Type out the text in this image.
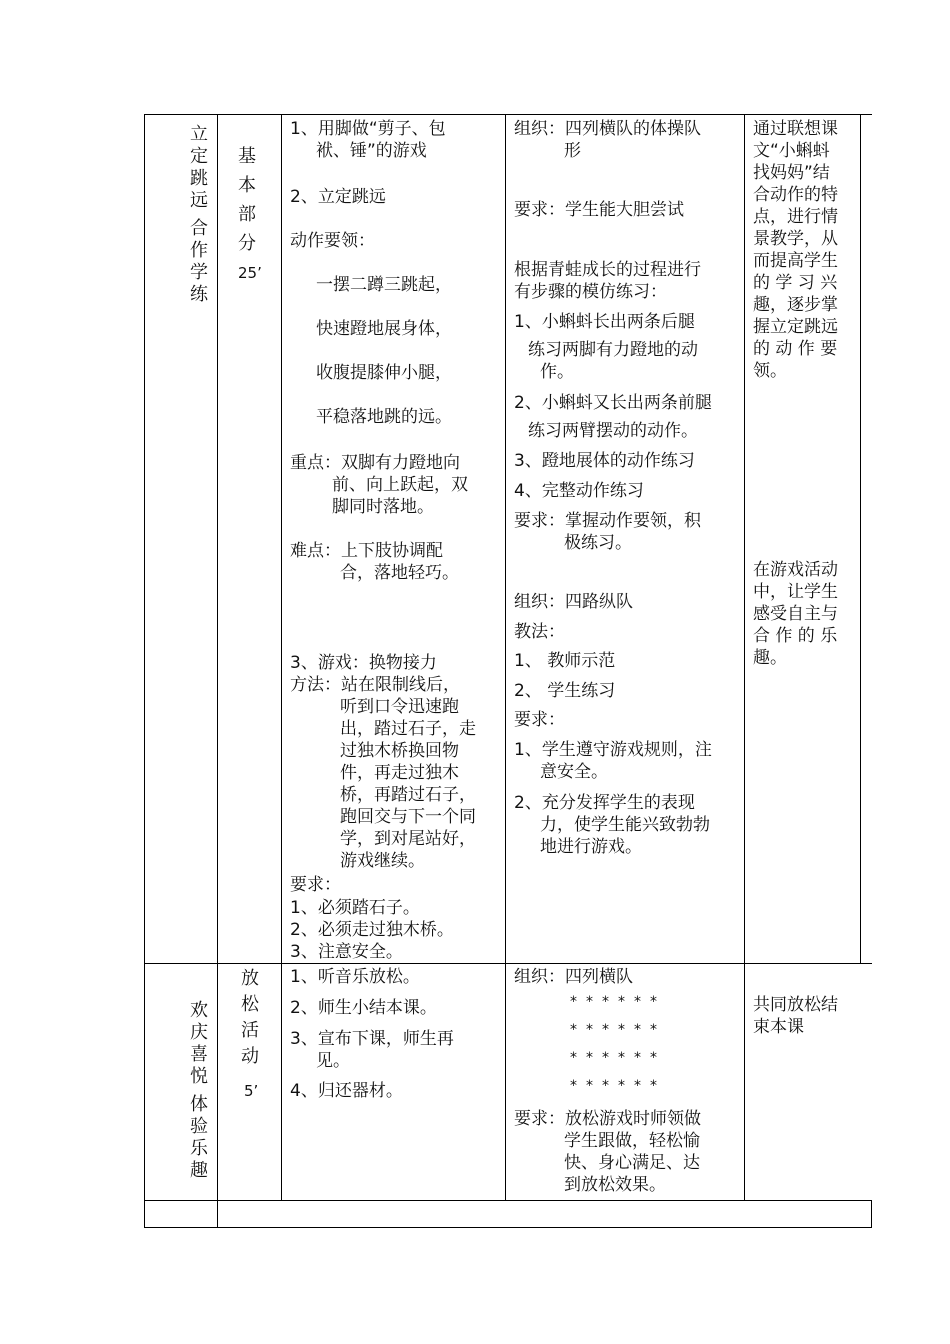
立
定
跳
远
合
作
学
练
基
本
部
分
25’
1、用脚做“剪子、包
袱、锤”的游戏
2、立定跳远
动作要领：
一摆二蹲三跳起，
快速蹬地展身体，
收腹提膝伸小腿，
平稳落地跳的远。
重点：双脚有力蹬地向
前、向上跃起，双
脚同时落地。
难点：上下肢协调配
合，落地轻巧。
3、游戏：换物接力
方法：站在限制线后，
听到口令迅速跑
出，踏过石子，走
过独木桥换回物
件，再走过独木
桥，再踏过石子，
跑回交与下一个同
学，到对尾站好，
游戏继续。
要求：
1、必须踏石子。
2、必须走过独木桥。
3、注意安全。
组织：四列横队的体操队
形
要求：学生能大胆尝试
根据青蛙成长的过程进行
有步骤的模仿练习：
1、小蝌蚪长出两条后腿
练习两脚有力蹬地的动
作。
2、小蝌蚪又长出两条前腿
练习两臂摆动的动作。
3、蹬地展体的动作练习
4、完整动作练习
要求：掌握动作要领，积
极练习。
组织：四路纵队
教法：
1、 教师示范
2、 学生练习
要求：
1、学生遵守游戏规则，注
意安全。
2、充分发挥学生的表现
力，使学生能兴致勃勃
地进行游戏。
通过联想课
文“小蝌蚪
找妈妈”结
合动作的特
点，进行情
景教学，从
而提高学生
的 学 习 兴
趣，逐步掌
握立定跳远
的 动 作 要
领。
在游戏活动
中，让学生
感受自主与
合 作 的 乐
趣。
欢
庆
喜
悦
体
验
乐
趣
放
松
活
动
5’
1、听音乐放松。
2、师生小结本课。
3、宣布下课，师生再
见。
4、归还器材。
组织：四列横队
******
******
******
******
要求：放松游戏时师领做
学生跟做，轻松愉
快、身心满足、达
到放松效果。
共同放松结
束本课
